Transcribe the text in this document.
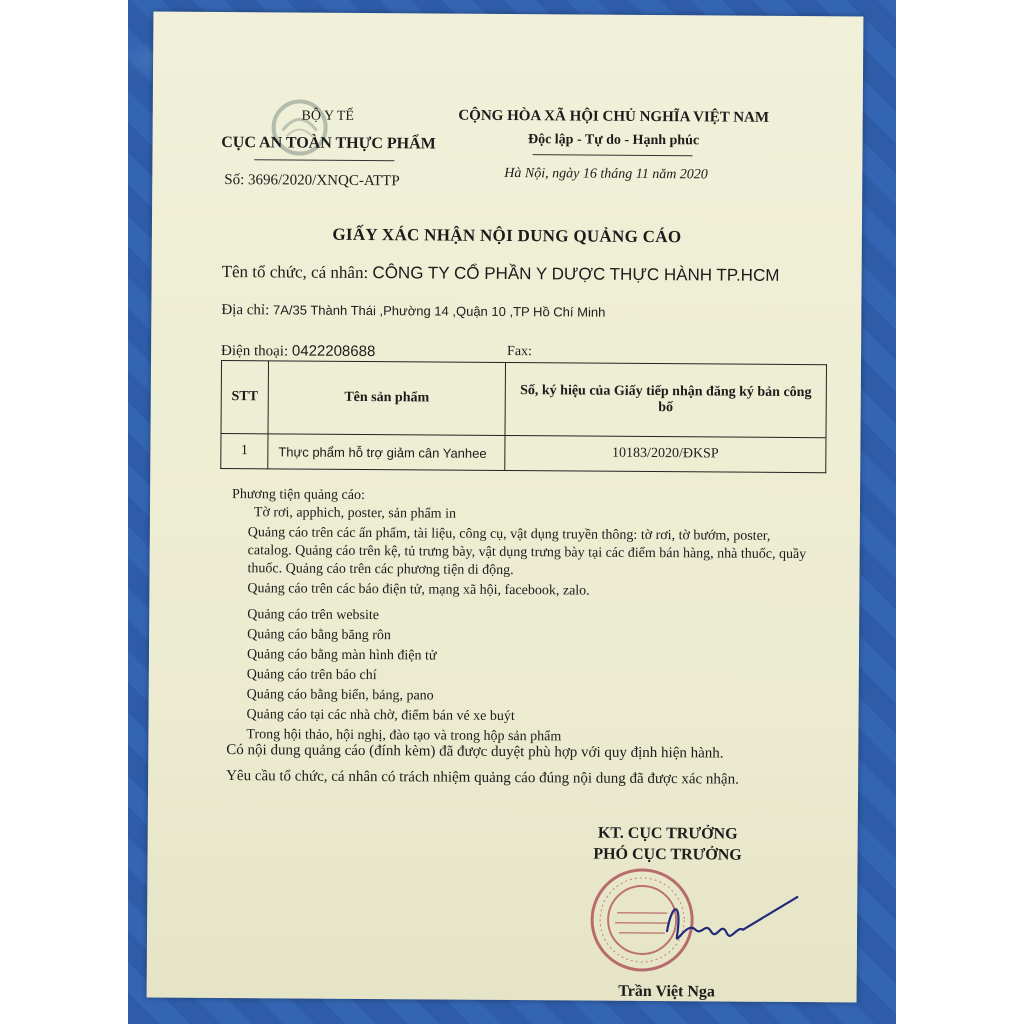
BỘ Y TẾ
CỤC AN TOÀN THỰC PHẨM
Số: 3696/2020/XNQC-ATTP
CỘNG HÒA XÃ HỘI CHỦ NGHĨA VIỆT NAM
Độc lập - Tự do - Hạnh phúc
Hà Nội, ngày 16 tháng 11 năm 2020
GIẤY XÁC NHẬN NỘI DUNG QUẢNG CÁO
Tên tổ chức, cá nhân: CÔNG TY CỔ PHẦN Y DƯỢC THỰC HÀNH TP.HCM
Địa chỉ: 7A/35 Thành Thái ,Phường 14 ,Quận 10 ,TP Hồ Chí Minh
Điện thoại: 0422208688	Fax:
STT	Tên sản phẩm	Số, ký hiệu của Giấy tiếp nhận đăng ký bản công bố
1	Thực phẩm hỗ trợ giảm cân Yanhee	10183/2020/ĐKSP
Phương tiện quảng cáo:
Tờ rơi, apphich, poster, sản phẩm in
Quảng cáo trên các ấn phẩm, tài liệu, công cụ, vật dụng truyền thông: tờ rơi, tờ bướm, poster, catalog. Quảng cáo trên kệ, tủ trưng bày, vật dụng trưng bày tại các điểm bán hàng, nhà thuốc, quầy thuốc. Quảng cáo trên các phương tiện di động.
Quảng cáo trên các báo điện tử, mạng xã hội, facebook, zalo.
Quảng cáo trên website
Quảng cáo bằng băng rôn
Quảng cáo bằng màn hình điện tử
Quảng cáo trên báo chí
Quảng cáo bằng biển, bảng, pano
Quảng cáo tại các nhà chờ, điểm bán vé xe buýt
Trong hội thảo, hội nghị, đào tạo và trong hộp sản phẩm
Có nội dung quảng cáo (đính kèm) đã được duyệt phù hợp với quy định hiện hành.
Yêu cầu tổ chức, cá nhân có trách nhiệm quảng cáo đúng nội dung đã được xác nhận.
KT. CỤC TRƯỞNG
PHÓ CỤC TRƯỞNG
Trần Việt Nga
